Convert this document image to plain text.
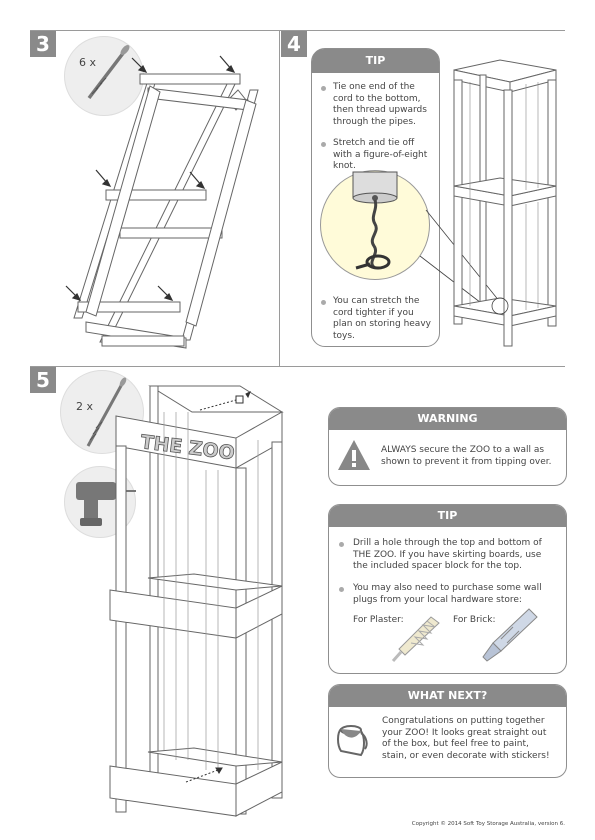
3
6 x
4
TIP
Tie one end of the cord to the bottom, then thread upwards through the pipes.
Stretch and tie off with a figure-of-eight knot.
You can stretch the cord tighter if you plan on storing heavy toys.
5
2 x
THE ZOO
WARNING
ALWAYS secure the ZOO to a wall as shown to prevent it from tipping over.
TIP
Drill a hole through the top and bottom of THE ZOO. If you have skirting boards, use the included spacer block for the top.
You may also need to purchase some wall plugs from your local hardware store:
For Plaster:	For Brick:
WHAT NEXT?
Congratulations on putting together your ZOO! It looks great straight out of the box, but feel free to paint, stain, or even decorate with stickers!
Copyright © 2014 Soft Toy Storage Australia, version 6.
